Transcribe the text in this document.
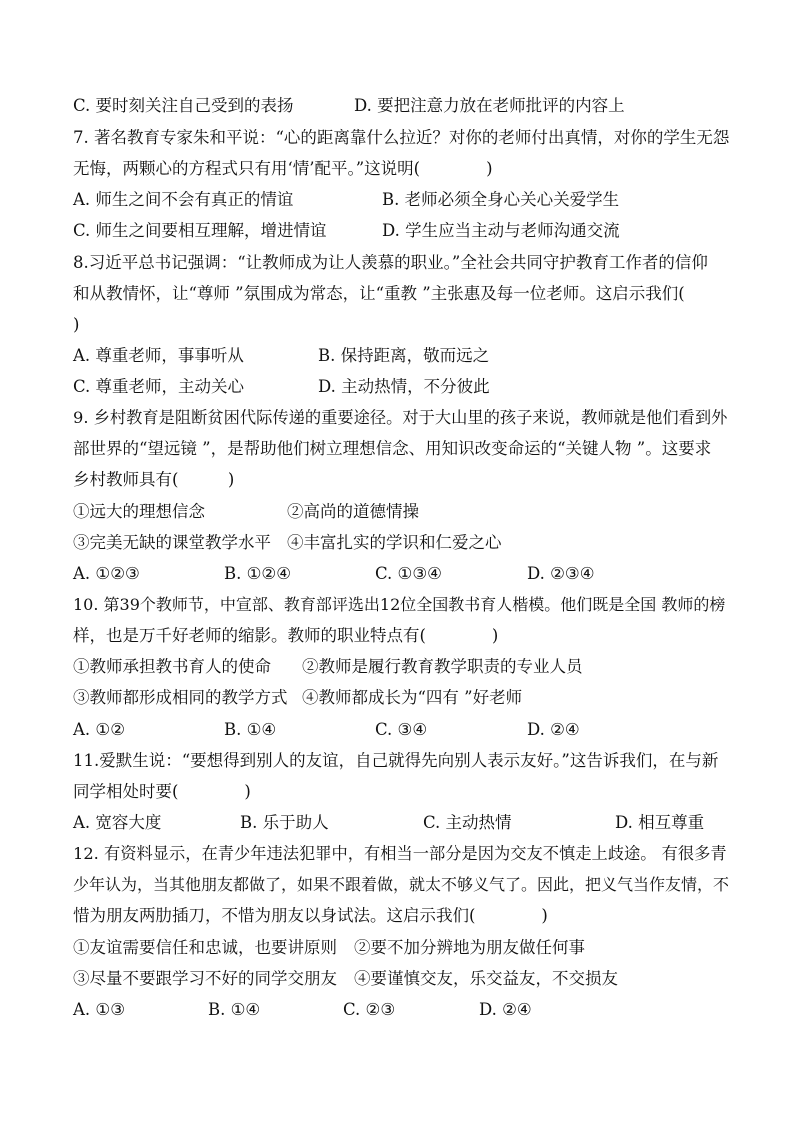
C. 要时刻关注自己受到的表扬	D. 要把注意力放在老师批评的内容上
7. 著名教育专家朱和平说：“心的距离靠什么拉近？对你的老师付出真情，对你的学生无怨
无悔，两颗心的方程式只有用‘情’配平。”这说明(　　　　)
A. 师生之间不会有真正的情谊	B. 老师必须全身心关心关爱学生
C. 师生之间要相互理解，增进情谊	D. 学生应当主动与老师沟通交流
8.习近平总书记强调：“让教师成为让人羡慕的职业。”全社会共同守护教育工作者的信仰
和从教情怀，让“尊师 ”氛围成为常态，让“重教 ”主张惠及每一位老师。这启示我们(
)
A. 尊重老师，事事听从	B. 保持距离，敬而远之
C. 尊重老师，主动关心	D. 主动热情，不分彼此
9. 乡村教育是阻断贫困代际传递的重要途径。对于大山里的孩子来说，教师就是他们看到外
部世界的“望远镜 ”，是帮助他们树立理想信念、用知识改变命运的“关键人物 ”。这要求
乡村教师具有(　　　)
①远大的理想信念	②高尚的道德情操
③完美无缺的课堂教学水平 ④丰富扎实的学识和仁爱之心
A. ①②③	B. ①②④	C. ①③④	D. ②③④
10. 第39个教师节，中宣部、教育部评选出12位全国教书育人楷模。他们既是全国 教师的榜
样，也是万千好老师的缩影。教师的职业特点有(　　　　)
①教师承担教书育人的使命 ②教师是履行教育教学职责的专业人员
③教师都形成相同的教学方式 ④教师都成长为“四有 ”好老师
A. ①②	B. ①④	C. ③④	D. ②④
11.爱默生说：“要想得到别人的友谊，自己就得先向别人表示友好。”这告诉我们，在与新
同学相处时要(　　　　)
A. 宽容大度	B. 乐于助人	C. 主动热情	D. 相互尊重
12. 有资料显示，在青少年违法犯罪中，有相当一部分是因为交友不慎走上歧途。 有很多青
少年认为，当其他朋友都做了，如果不跟着做，就太不够义气了。因此，把义气当作友情，不
惜为朋友两肋插刀，不惜为朋友以身试法。这启示我们(　　　　)
①友谊需要信任和忠诚，也要讲原则 ②要不加分辨地为朋友做任何事
③尽量不要跟学习不好的同学交朋友 ④要谨慎交友，乐交益友，不交损友
A. ①③	B. ①④	C. ②③	D. ②④
